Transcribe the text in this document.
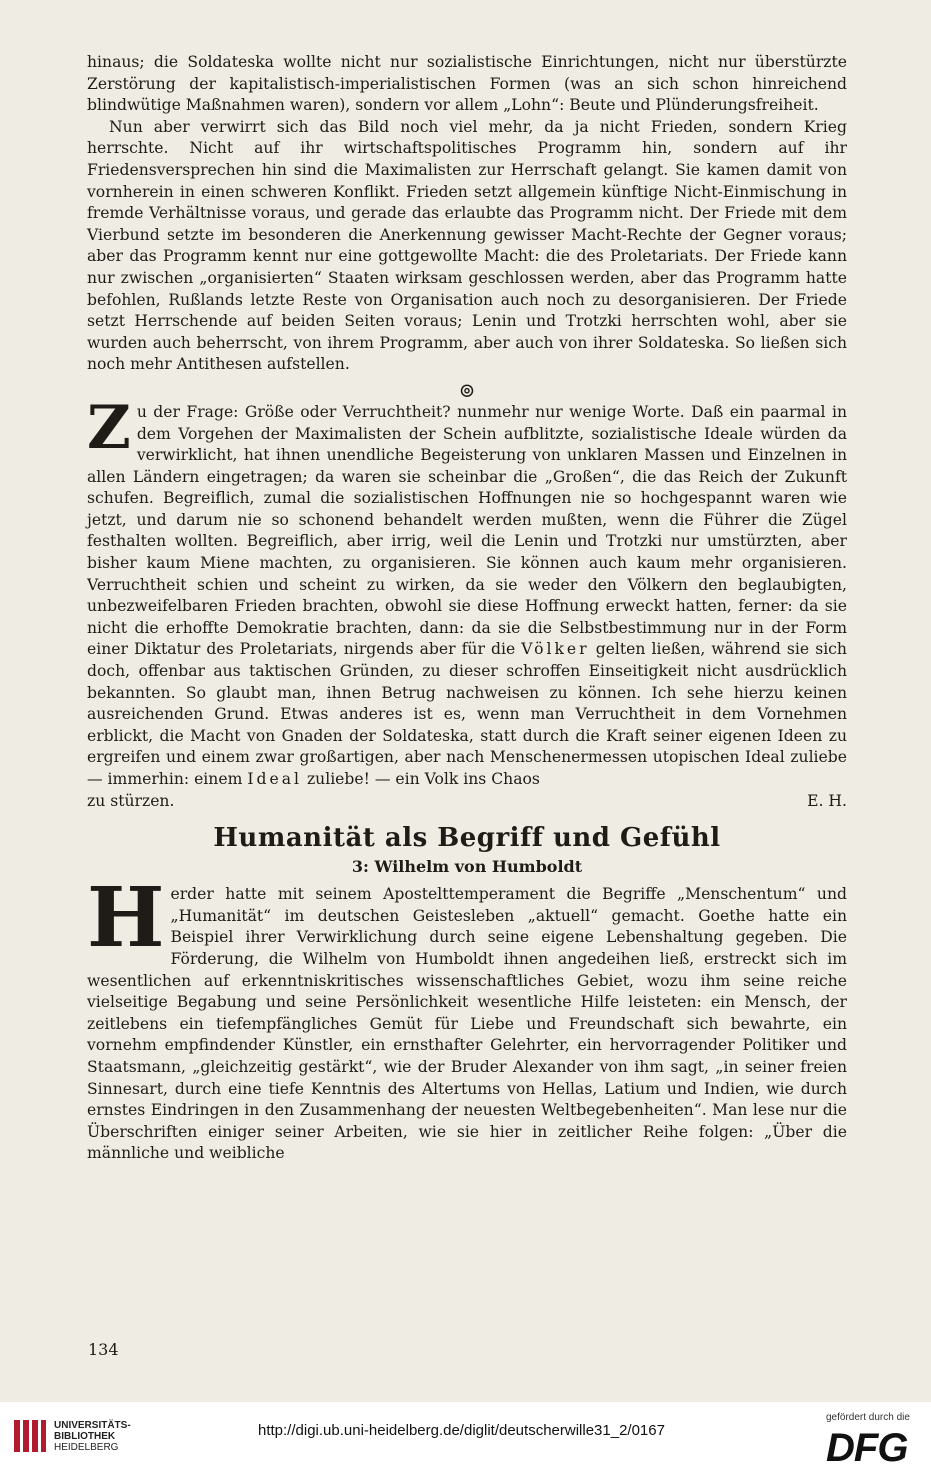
hinaus; die Soldateska wollte nicht nur sozialistische Einrichtungen, nicht nur überstürzte Zerstörung der kapitalistisch-imperialistischen Formen (was an sich schon hinreichend blindwütige Maßnahmen waren), sondern vor allem „Lohn“: Beute und Plünderungsfreiheit.

Nun aber verwirrt sich das Bild noch viel mehr, da ja nicht Frieden, sondern Krieg herrschte. Nicht auf ihr wirtschaftspolitisches Programm hin, sondern auf ihr Friedensversprechen hin sind die Maximalisten zur Herrschaft gelangt. Sie kamen damit von vornherein in einen schweren Konflikt. Frieden setzt allgemein künftige Nicht-Einmischung in fremde Verhältnisse voraus, und gerade das erlaubte das Programm nicht. Der Friede mit dem Vierbund setzte im besonderen die Anerkennung gewisser Macht-Rechte der Gegner voraus; aber das Programm kennt nur eine gottgewollte Macht: die des Proletariats. Der Friede kann nur zwischen „organisierten“ Staaten wirksam geschlossen werden, aber das Programm hatte befohlen, Rußlands letzte Reste von Organisation auch noch zu desorganisieren. Der Friede setzt Herrschende auf beiden Seiten voraus; Lenin und Trotzki herrschten wohl, aber sie wurden auch beherrscht, von ihrem Programm, aber auch von ihrer Soldateska. So ließen sich noch mehr Antithesen aufstellen.

⊚

Zu der Frage: Größe oder Verruchtheit? nunmehr nur wenige Worte. Daß ein paarmal in dem Vorgehen der Maximalisten der Schein aufblitzte, sozialistische Ideale würden da verwirklicht, hat ihnen unendliche Begeisterung von unklaren Massen und Einzelnen in allen Ländern eingetragen; da waren sie scheinbar die „Großen“, die das Reich der Zukunft schufen. Begreiflich, zumal die sozialistischen Hoffnungen nie so hochgespannt waren wie jetzt, und darum nie so schonend behandelt werden mußten, wenn die Führer die Zügel festhalten wollten. Begreiflich, aber irrig, weil die Lenin und Trotzki nur umstürzten, aber bisher kaum Miene machten, zu organisieren. Sie können auch kaum mehr organisieren. Verruchtheit schien und scheint zu wirken, da sie weder den Völkern den beglaubigten, unbezweifelbaren Frieden brachten, obwohl sie diese Hoffnung erweckt hatten, ferner: da sie nicht die erhoffte Demokratie brachten, dann: da sie die Selbstbestimmung nur in der Form einer Diktatur des Proletariats, nirgends aber für die Völker gelten ließen, während sie sich doch, offenbar aus taktischen Gründen, zu dieser schroffen Einseitigkeit nicht ausdrücklich bekannten. So glaubt man, ihnen Betrug nachweisen zu können. Ich sehe hierzu keinen ausreichenden Grund. Etwas anderes ist es, wenn man Verruchtheit in dem Vornehmen erblickt, die Macht von Gnaden der Soldateska, statt durch die Kraft seiner eigenen Ideen zu ergreifen und einem zwar großartigen, aber nach Menschenermessen utopischen Ideal zuliebe — immerhin: einem Ideal zuliebe! — ein Volk ins Chaos

zu stürzen.	E. H.
Humanität als Begriff und Gefühl
3: Wilhelm von Humboldt

Herder hatte mit seinem Apostelttemperament die Begriffe „Menschentum“ und „Humanität“ im deutschen Geistesleben „aktuell“ gemacht. Goethe hatte ein Beispiel ihrer Verwirklichung durch seine eigene Lebenshaltung gegeben. Die Förderung, die Wilhelm von Humboldt ihnen angedeihen ließ, erstreckt sich im wesentlichen auf erkenntniskritisches wissenschaftliches Gebiet, wozu ihm seine reiche vielseitige Begabung und seine Persönlichkeit wesentliche Hilfe leisteten: ein Mensch, der zeitlebens ein tiefempfängliches Gemüt für Liebe und Freundschaft sich bewahrte, ein vornehm empfindender Künstler, ein ernsthafter Gelehrter, ein hervorragender Politiker und Staatsmann, „gleichzeitig gestärkt“, wie der Bruder Alexander von ihm sagt, „in seiner freien Sinnesart, durch eine tiefe Kenntnis des Altertums von Hellas, Latium und Indien, wie durch ernstes Eindringen in den Zusammenhang der neuesten Weltbegebenheiten“. Man lese nur die Überschriften einiger seiner Arbeiten, wie sie hier in zeitlicher Reihe folgen: „Über die männliche und weibliche

134
UNIVERSITÄTS-
BIBLIOTHEK
HEIDELBERG
http://digi.ub.uni-heidelberg.de/diglit/deutscherwille31_2/0167
gefördert durch die
DFG
